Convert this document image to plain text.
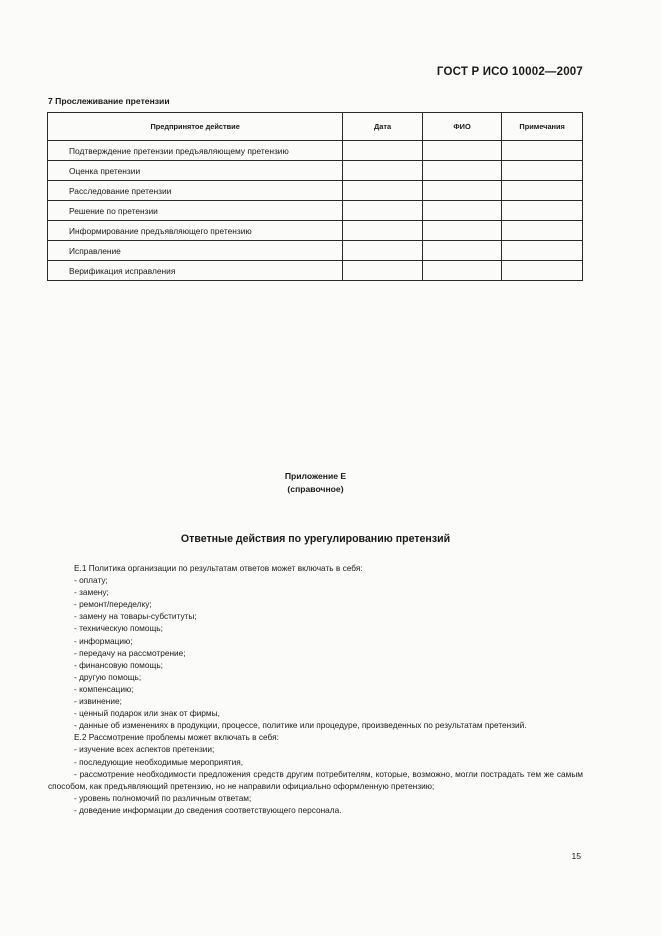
ГОСТ Р ИСО 10002—2007
7 Прослеживание претензии
Предпринятое действие	Дата	ФИО	Примечания
Подтверждение претензии предъявляющему претензию			
Оценка претензии			
Расследование претензии			
Решение по претензии			
Информирование предъявляющего претензию			
Исправление			
Верификация исправления			
Приложение Е
(справочное)
Ответные действия по урегулированию претензий

Е.1 Политика организации по результатам ответов может включать в себя:

- оплату;

- замену;

- ремонт/переделку;

- замену на товары-субституты;

- техническую помощь;

- информацию;

- передачу на рассмотрение;

- финансовую помощь;

- другую помощь;

- компенсацию;

- извинение;

- ценный подарок или знак от фирмы,

- данные об изменениях в продукции, процессе, политике или процедуре, произведенных по результатам претензий.

Е.2 Рассмотрение проблемы может включать в себя:

- изучение всех аспектов претензии;

- последующие необходимые мероприятия,

- рассмотрение необходимости предложения средств другим потребителям, которые, возможно, могли пострадать тем же самым способом, как предъявляющий претензию, но не направили официально оформленную претензию;

- уровень полномочий по различным ответам;

- доведение информации до сведения соответствующего персонала.

15
